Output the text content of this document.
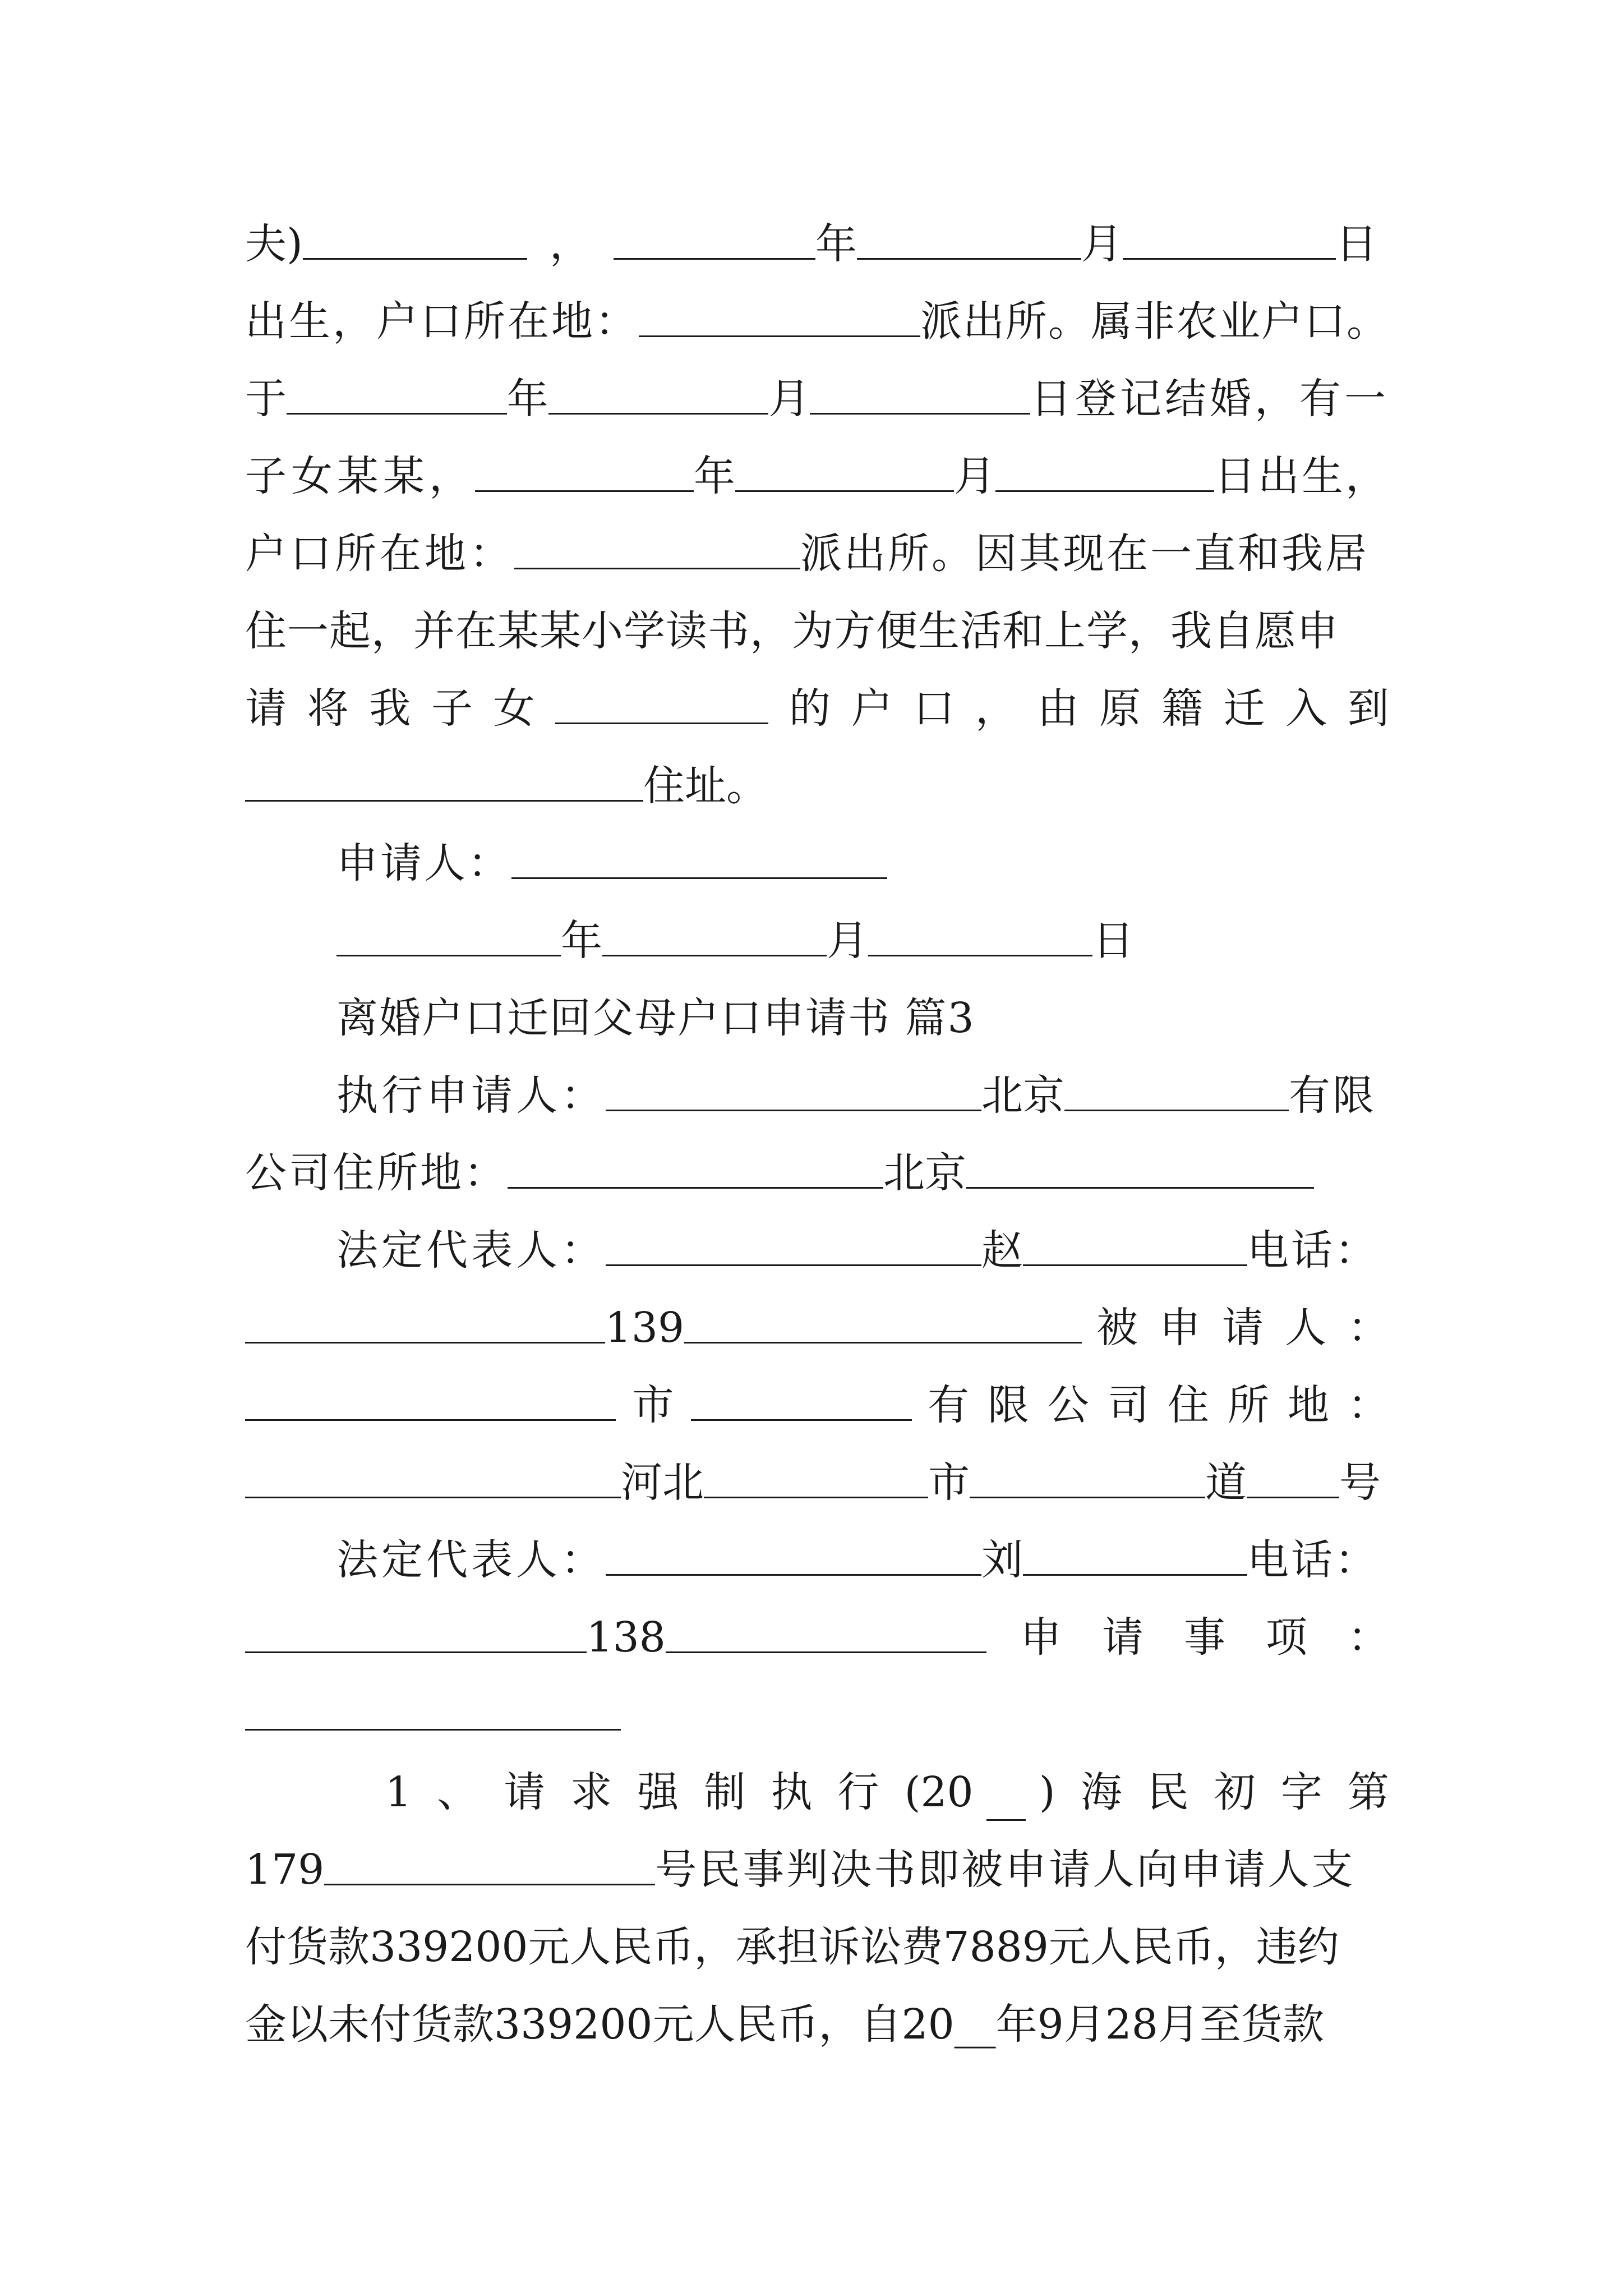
夫)	，	年	月	日
出生，户口所在地：	派出所。属非农业户口。
于	年	月	日登记结婚，有一
子女某某，	年	月	日出生，
户口所在地：	派出所。因其现在一直和我居
住一起，并在某某小学读书，为方便生活和上学，我自愿申
请 将 我 子 女	的 户 口 ， 由 原 籍 迁 入 到
住址。
申请人：
年	月	日
离婚户口迁回父母户口申请书 篇3
执行申请人：	北京	有限
公司住所地：	北京
法定代表人：	赵	电话：
139	被 申 请 人 ：
市	有 限 公 司 住 所 地 ：
河北	市	道 号
法定代表人：	刘	电话：
138	申 请 事 项 ：
1 、 请 求 强 制 执 行 (20 ) 海 民 初 字 第
179	号民事判决书即被申请人向申请人支
付货款339200元人民币，承担诉讼费7889元人民币，违约
金以未付货款339200元人民币，自20__年9月28月至货款
